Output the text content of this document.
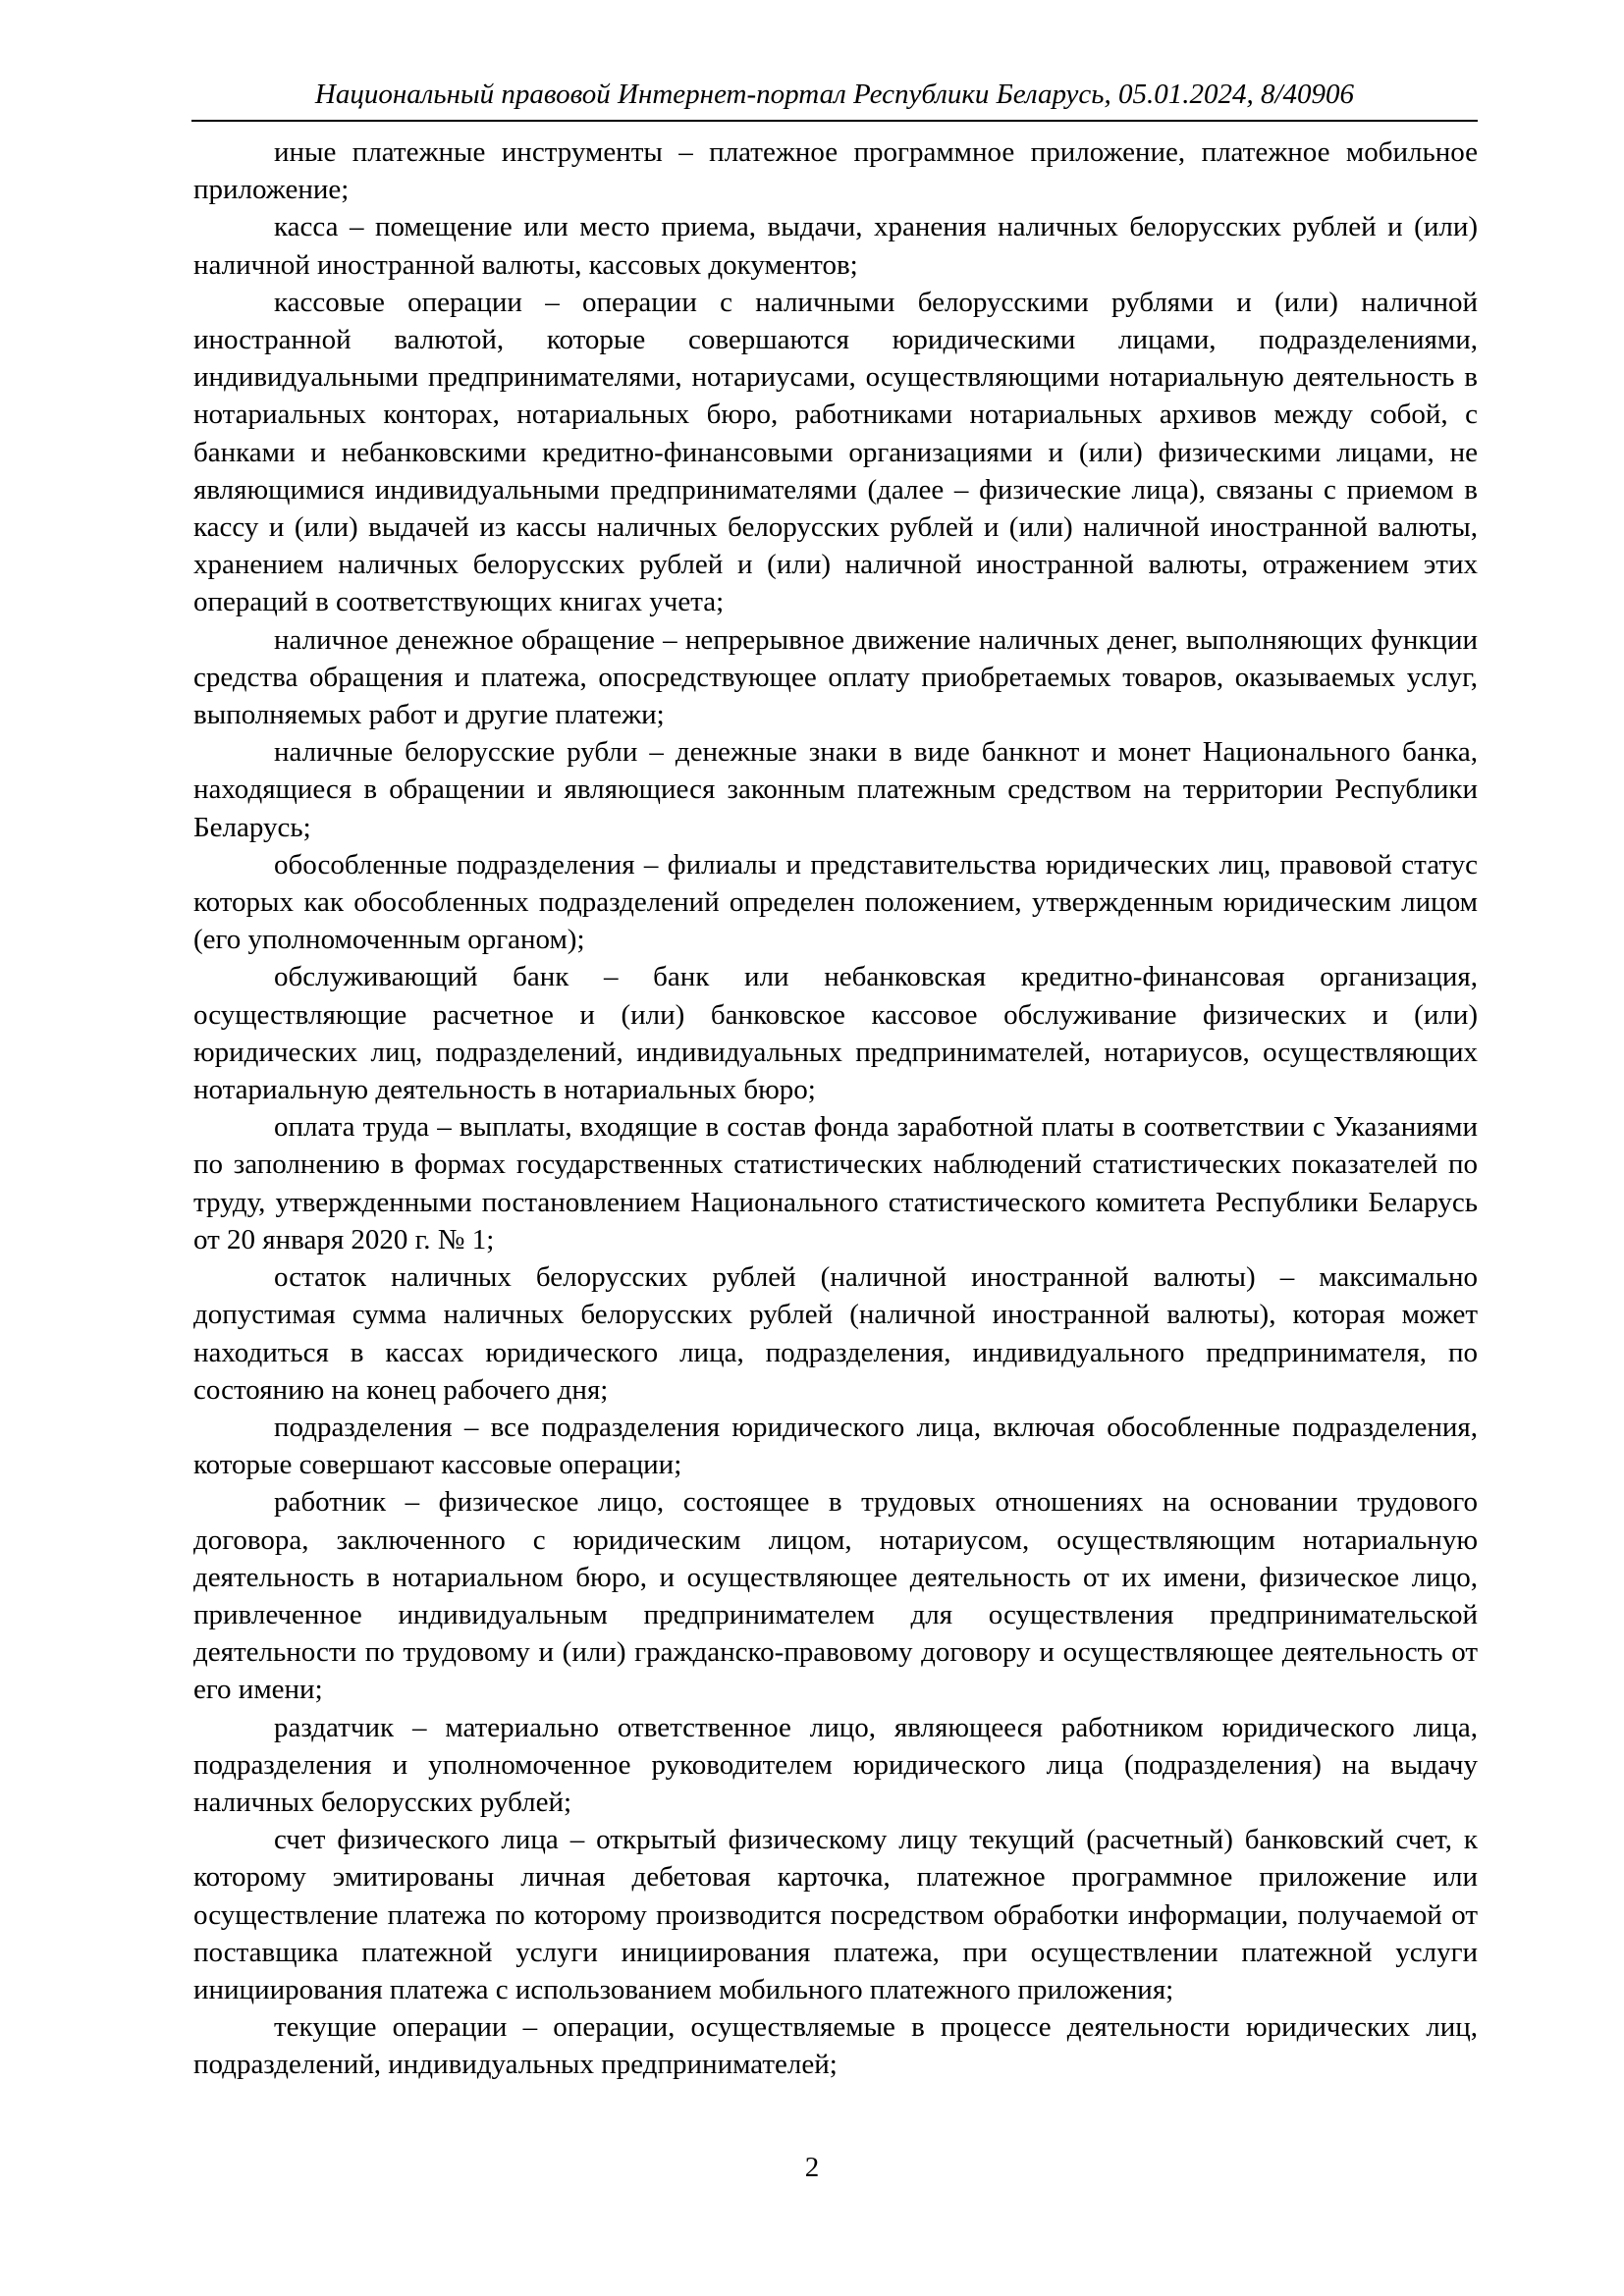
Национальный правовой Интернет-портал Республики Беларусь, 05.01.2024, 8/40906

иные платежные инструменты – платежное программное приложение, платежное мобильное приложение;

касса – помещение или место приема, выдачи, хранения наличных белорусских рублей и (или) наличной иностранной валюты, кассовых документов;

кассовые операции – операции с наличными белорусскими рублями и (или) наличной иностранной валютой, которые совершаются юридическими лицами, подразделениями, индивидуальными предпринимателями, нотариусами, осуществляющими нотариальную деятельность в нотариальных конторах, нотариальных бюро, работниками нотариальных архивов между собой, с банками и небанковскими кредитно-финансовыми организациями и (или) физическими лицами, не являющимися индивидуальными предпринимателями (далее – физические лица), связаны с приемом в кассу и (или) выдачей из кассы наличных белорусских рублей и (или) наличной иностранной валюты, хранением наличных белорусских рублей и (или) наличной иностранной валюты, отражением этих операций в соответствующих книгах учета;

наличное денежное обращение – непрерывное движение наличных денег, выполняющих функции средства обращения и платежа, опосредствующее оплату приобретаемых товаров, оказываемых услуг, выполняемых работ и другие платежи;

наличные белорусские рубли – денежные знаки в виде банкнот и монет Национального банка, находящиеся в обращении и являющиеся законным платежным средством на территории Республики Беларусь;

обособленные подразделения – филиалы и представительства юридических лиц, правовой статус которых как обособленных подразделений определен положением, утвержденным юридическим лицом (его уполномоченным органом);

обслуживающий банк – банк или небанковская кредитно-финансовая организация, осуществляющие расчетное и (или) банковское кассовое обслуживание физических и (или) юридических лиц, подразделений, индивидуальных предпринимателей, нотариусов, осуществляющих нотариальную деятельность в нотариальных бюро;

оплата труда – выплаты, входящие в состав фонда заработной платы в соответствии с Указаниями по заполнению в формах государственных статистических наблюдений статистических показателей по труду, утвержденными постановлением Национального статистического комитета Республики Беларусь от 20 января 2020 г. № 1;

остаток наличных белорусских рублей (наличной иностранной валюты) – максимально допустимая сумма наличных белорусских рублей (наличной иностранной валюты), которая может находиться в кассах юридического лица, подразделения, индивидуального предпринимателя, по состоянию на конец рабочего дня;

подразделения – все подразделения юридического лица, включая обособленные подразделения, которые совершают кассовые операции;

работник – физическое лицо, состоящее в трудовых отношениях на основании трудового договора, заключенного с юридическим лицом, нотариусом, осуществляющим нотариальную деятельность в нотариальном бюро, и осуществляющее деятельность от их имени, физическое лицо, привлеченное индивидуальным предпринимателем для осуществления предпринимательской деятельности по трудовому и (или) гражданско-правовому договору и осуществляющее деятельность от его имени;

раздатчик – материально ответственное лицо, являющееся работником юридического лица, подразделения и уполномоченное руководителем юридического лица (подразделения) на выдачу наличных белорусских рублей;

счет физического лица – открытый физическому лицу текущий (расчетный) банковский счет, к которому эмитированы личная дебетовая карточка, платежное программное приложение или осуществление платежа по которому производится посредством обработки информации, получаемой от поставщика платежной услуги инициирования платежа, при осуществлении платежной услуги инициирования платежа с использованием мобильного платежного приложения;

текущие операции – операции, осуществляемые в процессе деятельности юридических лиц, подразделений, индивидуальных предпринимателей;

2
